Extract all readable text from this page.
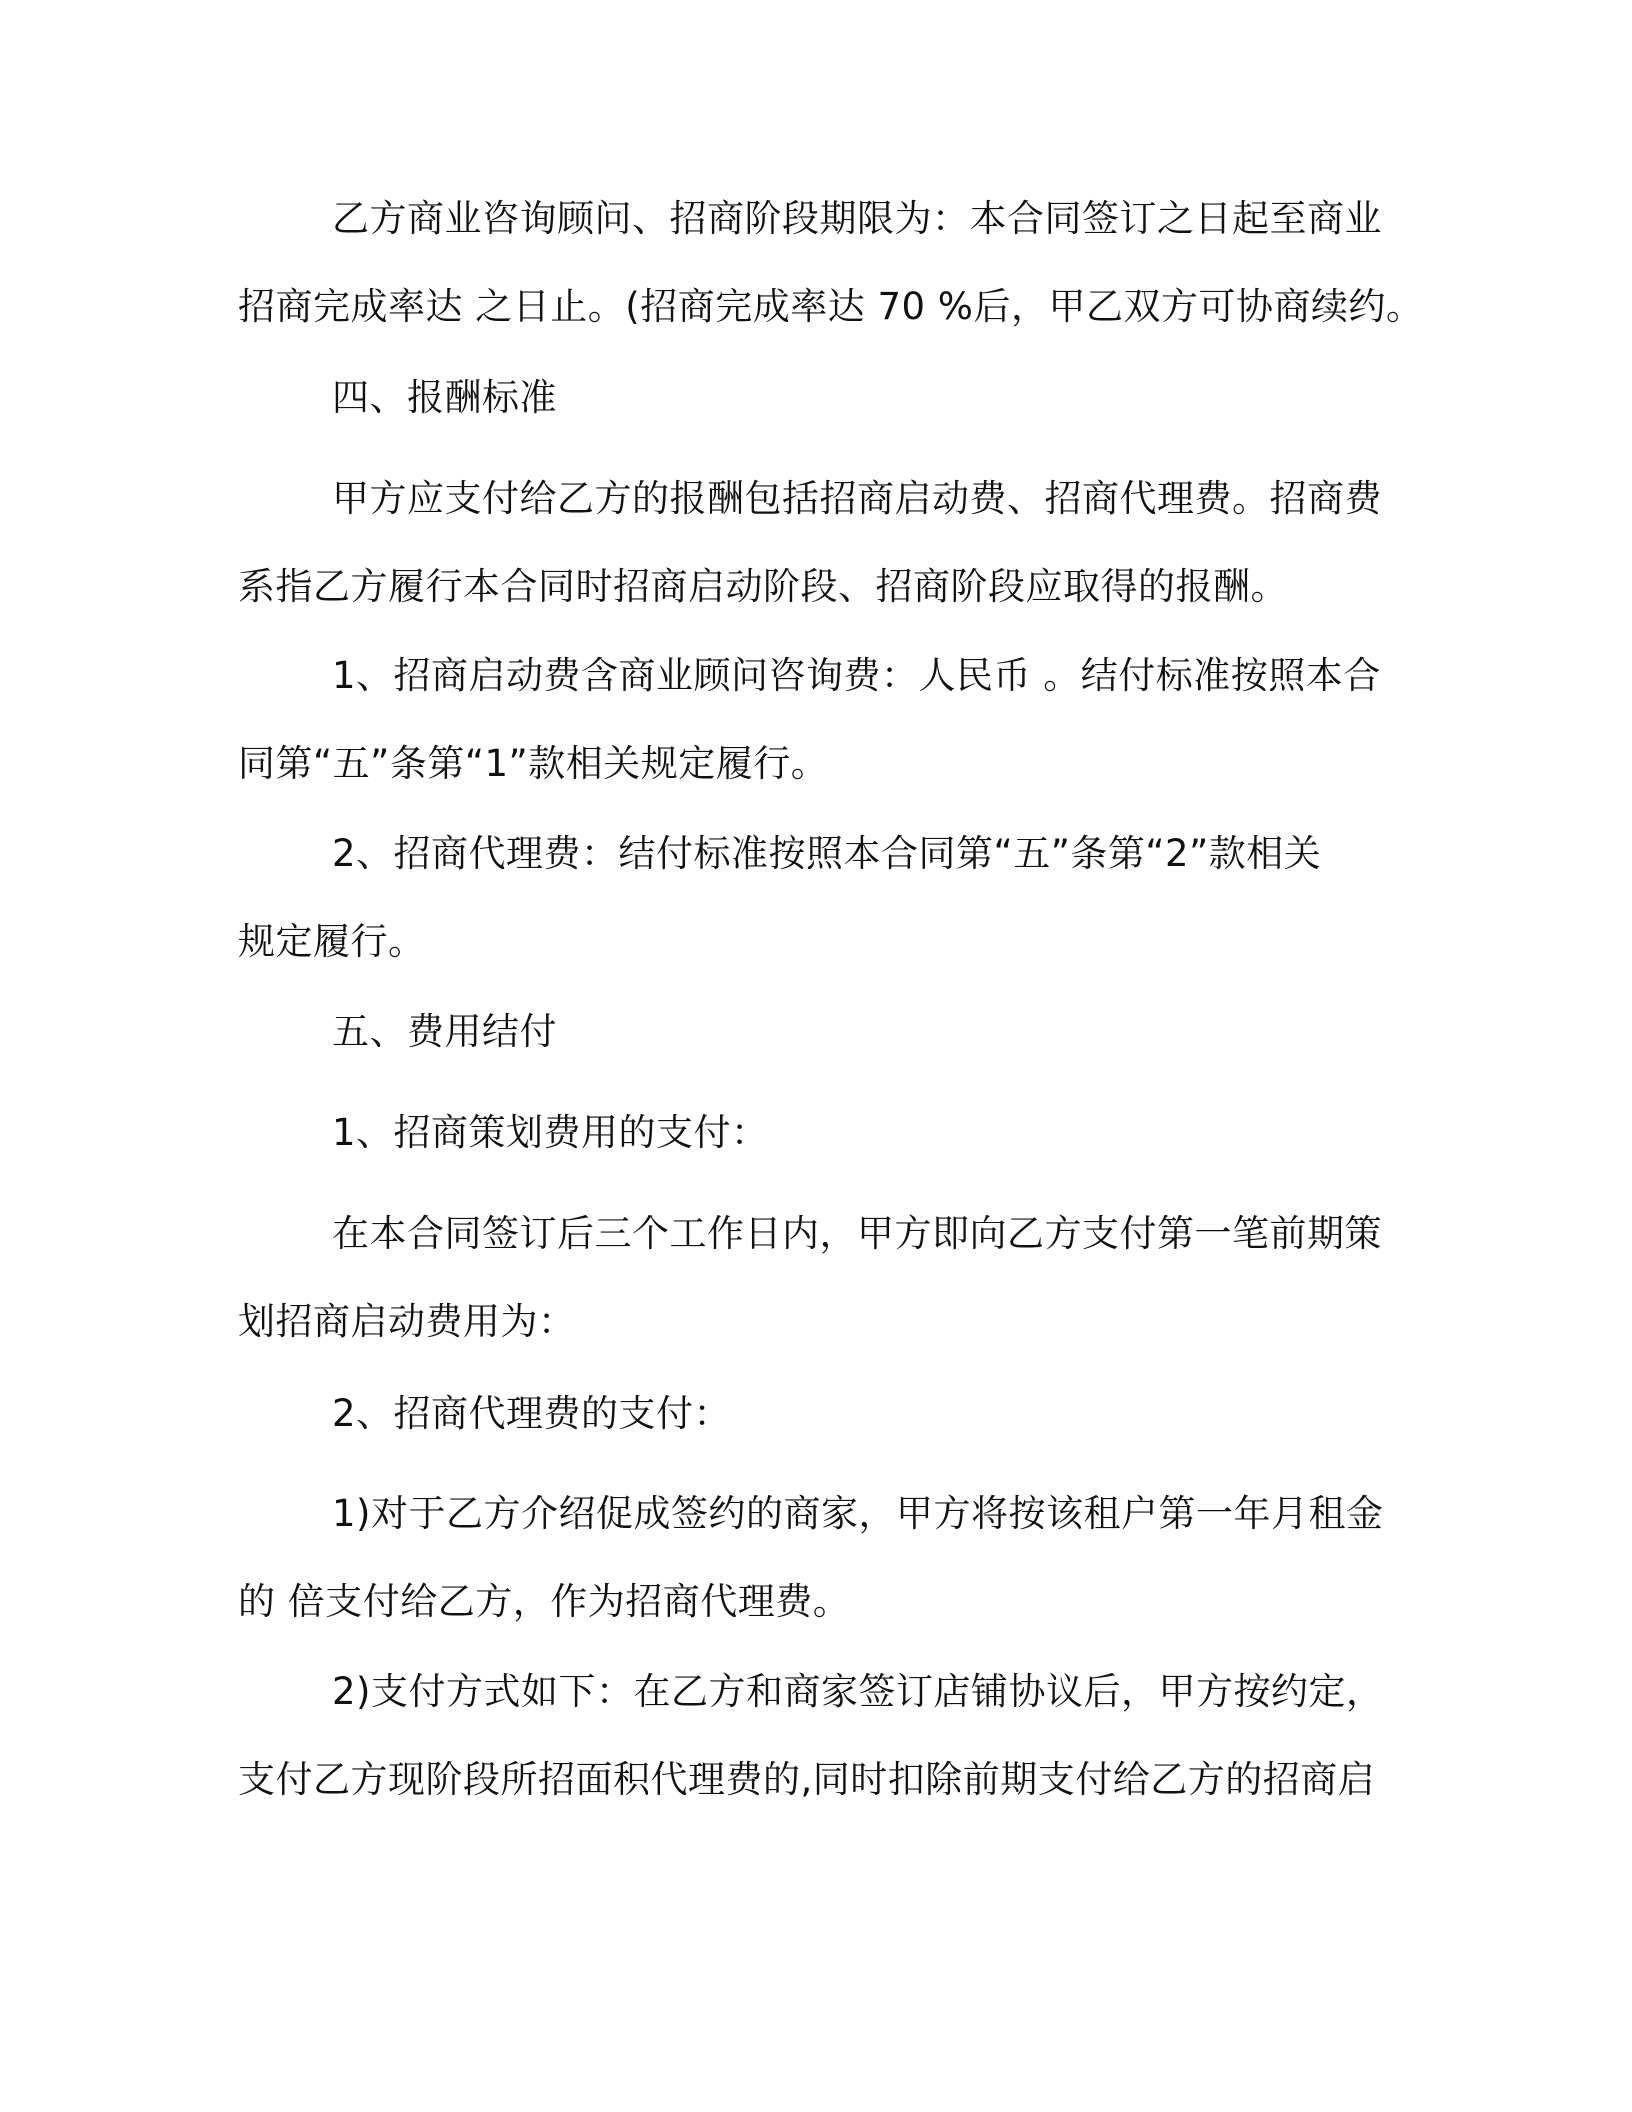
乙方商业咨询顾问、招商阶段期限为：本合同签订之日起至商业
招商完成率达 之日止。(招商完成率达 70 %后，甲乙双方可协商续约。
四、报酬标准
甲方应支付给乙方的报酬包括招商启动费、招商代理费。招商费
系指乙方履行本合同时招商启动阶段、招商阶段应取得的报酬。
1、招商启动费含商业顾问咨询费：人民币 。结付标准按照本合
同第“五”条第“1”款相关规定履行。
2、招商代理费：结付标准按照本合同第“五”条第“2”款相关
规定履行。
五、费用结付
1、招商策划费用的支付：
在本合同签订后三个工作日内，甲方即向乙方支付第一笔前期策
划招商启动费用为：
2、招商代理费的支付：
1)对于乙方介绍促成签约的商家，甲方将按该租户第一年月租金
的 倍支付给乙方，作为招商代理费。
2)支付方式如下：在乙方和商家签订店铺协议后，甲方按约定，
支付乙方现阶段所招面积代理费的,同时扣除前期支付给乙方的招商启
